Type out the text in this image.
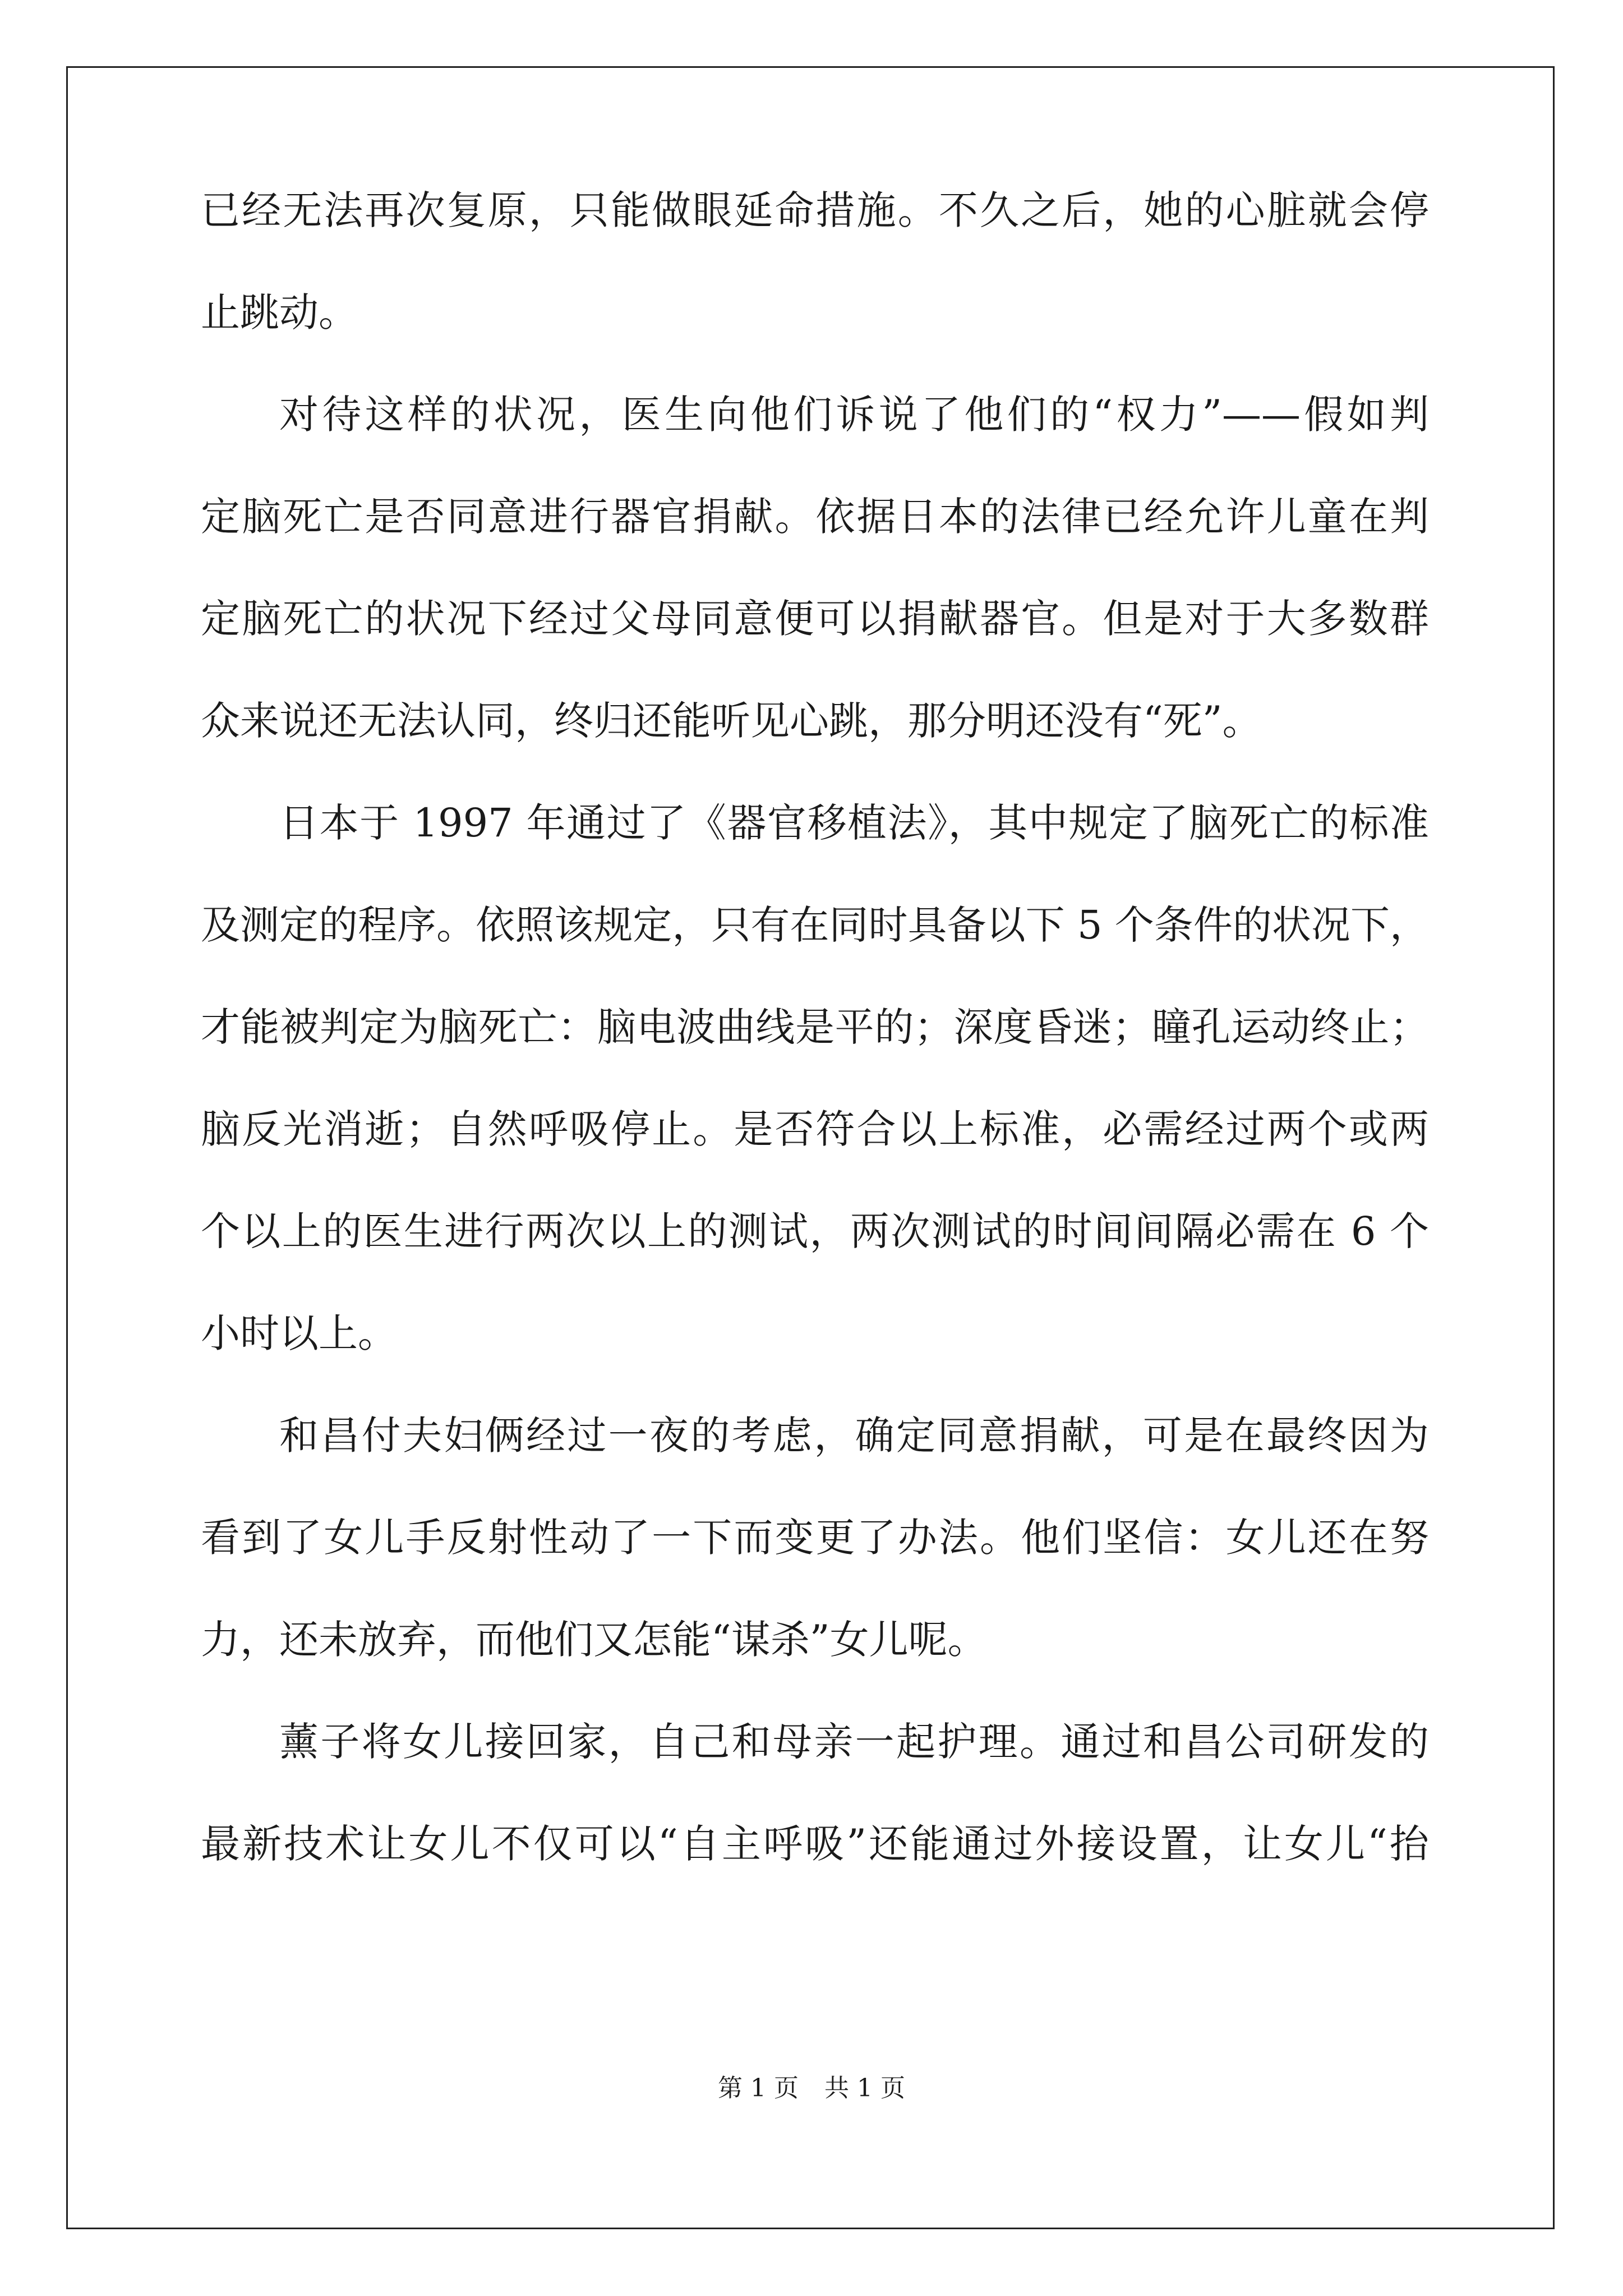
已经无法再次复原，只能做眼延命措施。不久之后，她的心脏就会停
止跳动。
对待这样的状况，医生向他们诉说了他们的“权力”——假如判
定脑死亡是否同意进行器官捐献。依据日本的法律已经允许儿童在判
定脑死亡的状况下经过父母同意便可以捐献器官。但是对于大多数群
众来说还无法认同，终归还能听见心跳，那分明还没有“死”。
日本于 1997 年通过了《器官移植法》，其中规定了脑死亡的标准
及测定的程序。依照该规定，只有在同时具备以下 5 个条件的状况下，
才能被判定为脑死亡：脑电波曲线是平的；深度昏迷；瞳孔运动终止；
脑反光消逝；自然呼吸停止。是否符合以上标准，必需经过两个或两
个以上的医生进行两次以上的测试，两次测试的时间间隔必需在 6 个
小时以上。
和昌付夫妇俩经过一夜的考虑，确定同意捐献，可是在最终因为
看到了女儿手反射性动了一下而变更了办法。他们坚信：女儿还在努
力，还未放弃，而他们又怎能“谋杀”女儿呢。
薰子将女儿接回家，自己和母亲一起护理。通过和昌公司研发的
最新技术让女儿不仅可以“自主呼吸”还能通过外接设置，让女儿“抬
第 1 页 共 1 页
